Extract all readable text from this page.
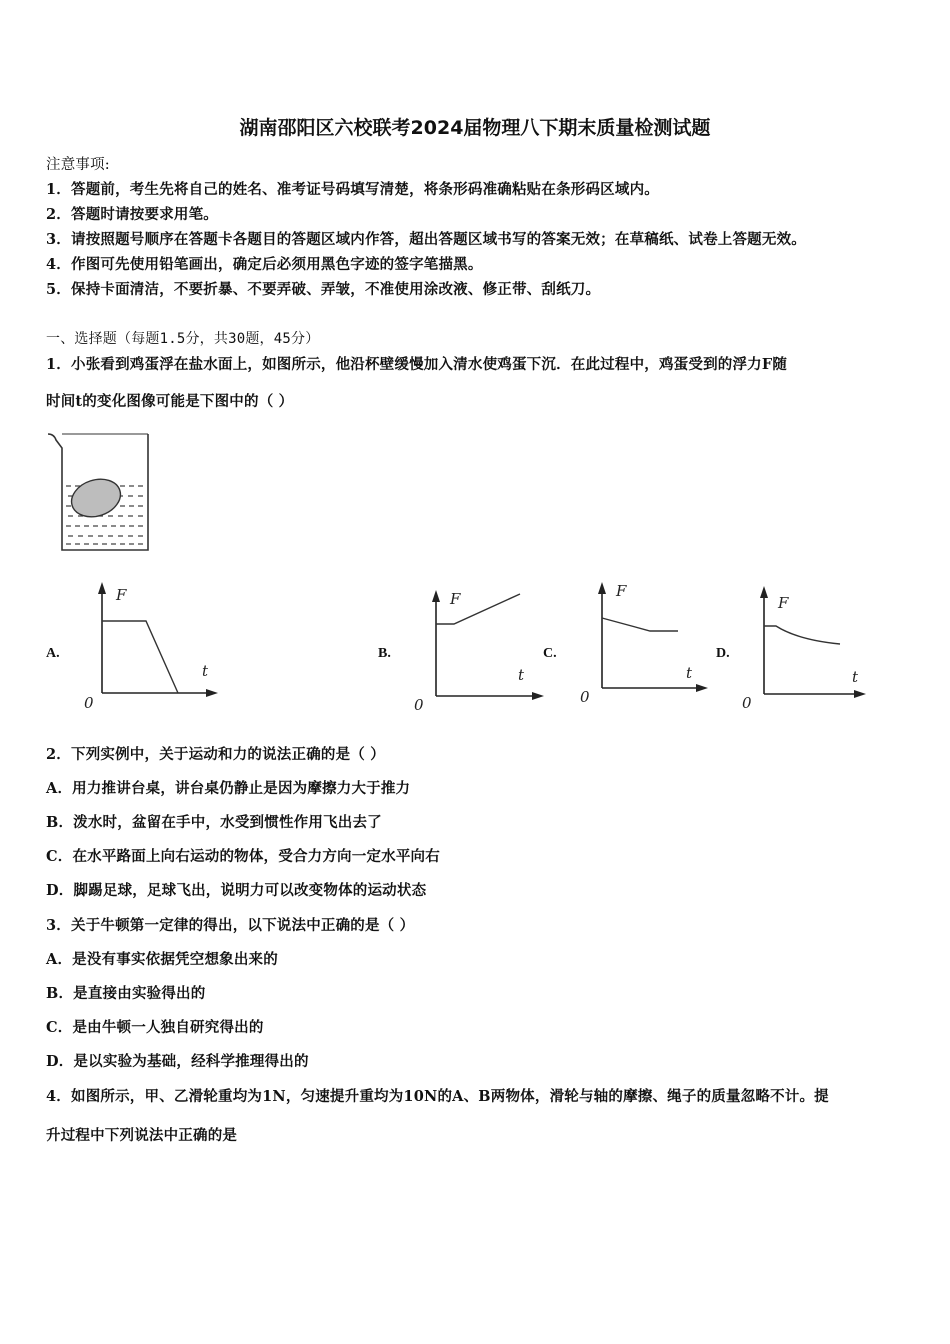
湖南邵阳区六校联考2024届物理八下期末质量检测试题
注意事项:
1．答题前，考生先将自己的姓名、准考证号码填写清楚，将条形码准确粘贴在条形码区域内。
2．答题时请按要求用笔。
3．请按照题号顺序在答题卡各题目的答题区域内作答，超出答题区域书写的答案无效；在草稿纸、试卷上答题无效。
4．作图可先使用铅笔画出，确定后必须用黑色字迹的签字笔描黑。
5．保持卡面清洁，不要折暴、不要弄破、弄皱，不准使用涂改液、修正带、刮纸刀。
一、选择题（每题1.5分，共30题，45分）
1．小张看到鸡蛋浮在盐水面上，如图所示，他沿杯壁缓慢加入清水使鸡蛋下沉．在此过程中，鸡蛋受到的浮力F随
时间t的变化图像可能是下图中的（ ）
A.	B.	C.	D.
F
t
0
F
t
0
F
t
0
F
t
0
2．下列实例中，关于运动和力的说法正确的是（ ）
A．用力推讲台桌，讲台桌仍静止是因为摩擦力大于推力
B．泼水时，盆留在手中，水受到惯性作用飞出去了
C．在水平路面上向右运动的物体，受合力方向一定水平向右
D．脚踢足球，足球飞出，说明力可以改变物体的运动状态
3．关于牛顿第一定律的得出，以下说法中正确的是（ ）
A．是没有事实依据凭空想象出来的
B．是直接由实验得出的
C．是由牛顿一人独自研究得出的
D．是以实验为基础，经科学推理得出的
4．如图所示，甲、乙滑轮重均为1N，匀速提升重均为10N的A、B两物体，滑轮与轴的摩擦、绳子的质量忽略不计。提
升过程中下列说法中正确的是
